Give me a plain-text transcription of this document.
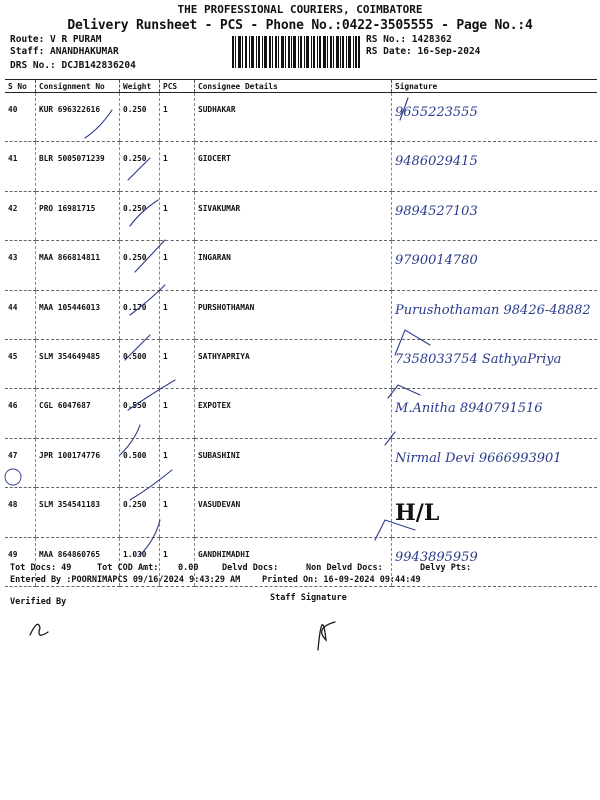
THE PROFESSIONAL COURIERS, COIMBATORE
Delivery Runsheet - PCS - Phone No.:0422-3505555 - Page No.:4
Route: V R PURAM
Staff: ANANDHAKUMAR
DRS No.: DCJB142836204
RS No.: 1428362
RS Date: 16-Sep-2024
S No	Consignment No	Weight	PCS	Consignee Details	Signature
40	KUR 696322616	0.250	1	SUDHAKAR	9655223555
41	BLR 5005071239	0.250	1	GIOCERT	9486029415
42	PRO 16981715	0.250	1	SIVAKUMAR	9894527103
43	MAA 866814811	0.250	1	INGARAN	9790014780
44	MAA 105446013	0.170	1	PURSHOTHAMAN	Purushothaman 98426-48882
45	SLM 354649485	0.500	1	SATHYAPRIYA	7358033754 SathyaPriya
46	CGL 6047687	0.550	1	EXPOTEX	M.Anitha 8940791516
47	JPR 100174776	0.500	1	SUBASHINI	Nirmal Devi 9666993901
48	SLM 354541183	0.250	1	VASUDEVAN	H/L
49	MAA 864860765	1.030	1	GANDHIMADHI	9943895959
Tot Docs: 49	Tot COD Amt: 0.00	Delvd Docs:	Non Delvd Docs:	Delvy Pts:
Entered By :POORNIMAPCS 09/16/2024 9:43:29 AM	Printed On: 16-09-2024 09:44:49
Verified By	Staff Signature
